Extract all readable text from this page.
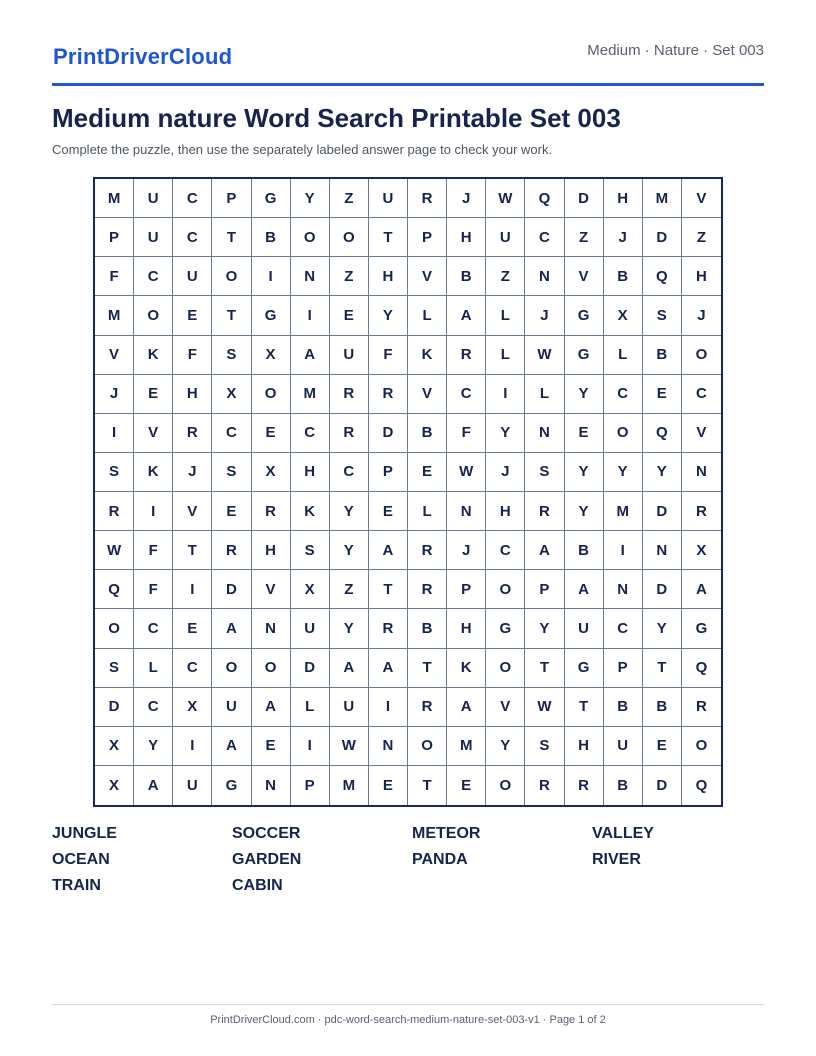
PrintDriverCloud	Medium · Nature · Set 003
Medium nature Word Search Printable Set 003
Complete the puzzle, then use the separately labeled answer page to check your work.
M	U	C	P	G	Y	Z	U	R	J	W	Q	D	H	M	V
P	U	C	T	B	O	O	T	P	H	U	C	Z	J	D	Z
F	C	U	O	I	N	Z	H	V	B	Z	N	V	B	Q	H
M	O	E	T	G	I	E	Y	L	A	L	J	G	X	S	J
V	K	F	S	X	A	U	F	K	R	L	W	G	L	B	O
J	E	H	X	O	M	R	R	V	C	I	L	Y	C	E	C
I	V	R	C	E	C	R	D	B	F	Y	N	E	O	Q	V
S	K	J	S	X	H	C	P	E	W	J	S	Y	Y	Y	N
R	I	V	E	R	K	Y	E	L	N	H	R	Y	M	D	R
W	F	T	R	H	S	Y	A	R	J	C	A	B	I	N	X
Q	F	I	D	V	X	Z	T	R	P	O	P	A	N	D	A
O	C	E	A	N	U	Y	R	B	H	G	Y	U	C	Y	G
S	L	C	O	O	D	A	A	T	K	O	T	G	P	T	Q
D	C	X	U	A	L	U	I	R	A	V	W	T	B	B	R
X	Y	I	A	E	I	W	N	O	M	Y	S	H	U	E	O
X	A	U	G	N	P	M	E	T	E	O	R	R	B	D	Q
JUNGLE	SOCCER	METEOR	VALLEY
OCEAN	GARDEN	PANDA	RIVER
TRAIN	CABIN
PrintDriverCloud.com · pdc-word-search-medium-nature-set-003-v1 · Page 1 of 2
